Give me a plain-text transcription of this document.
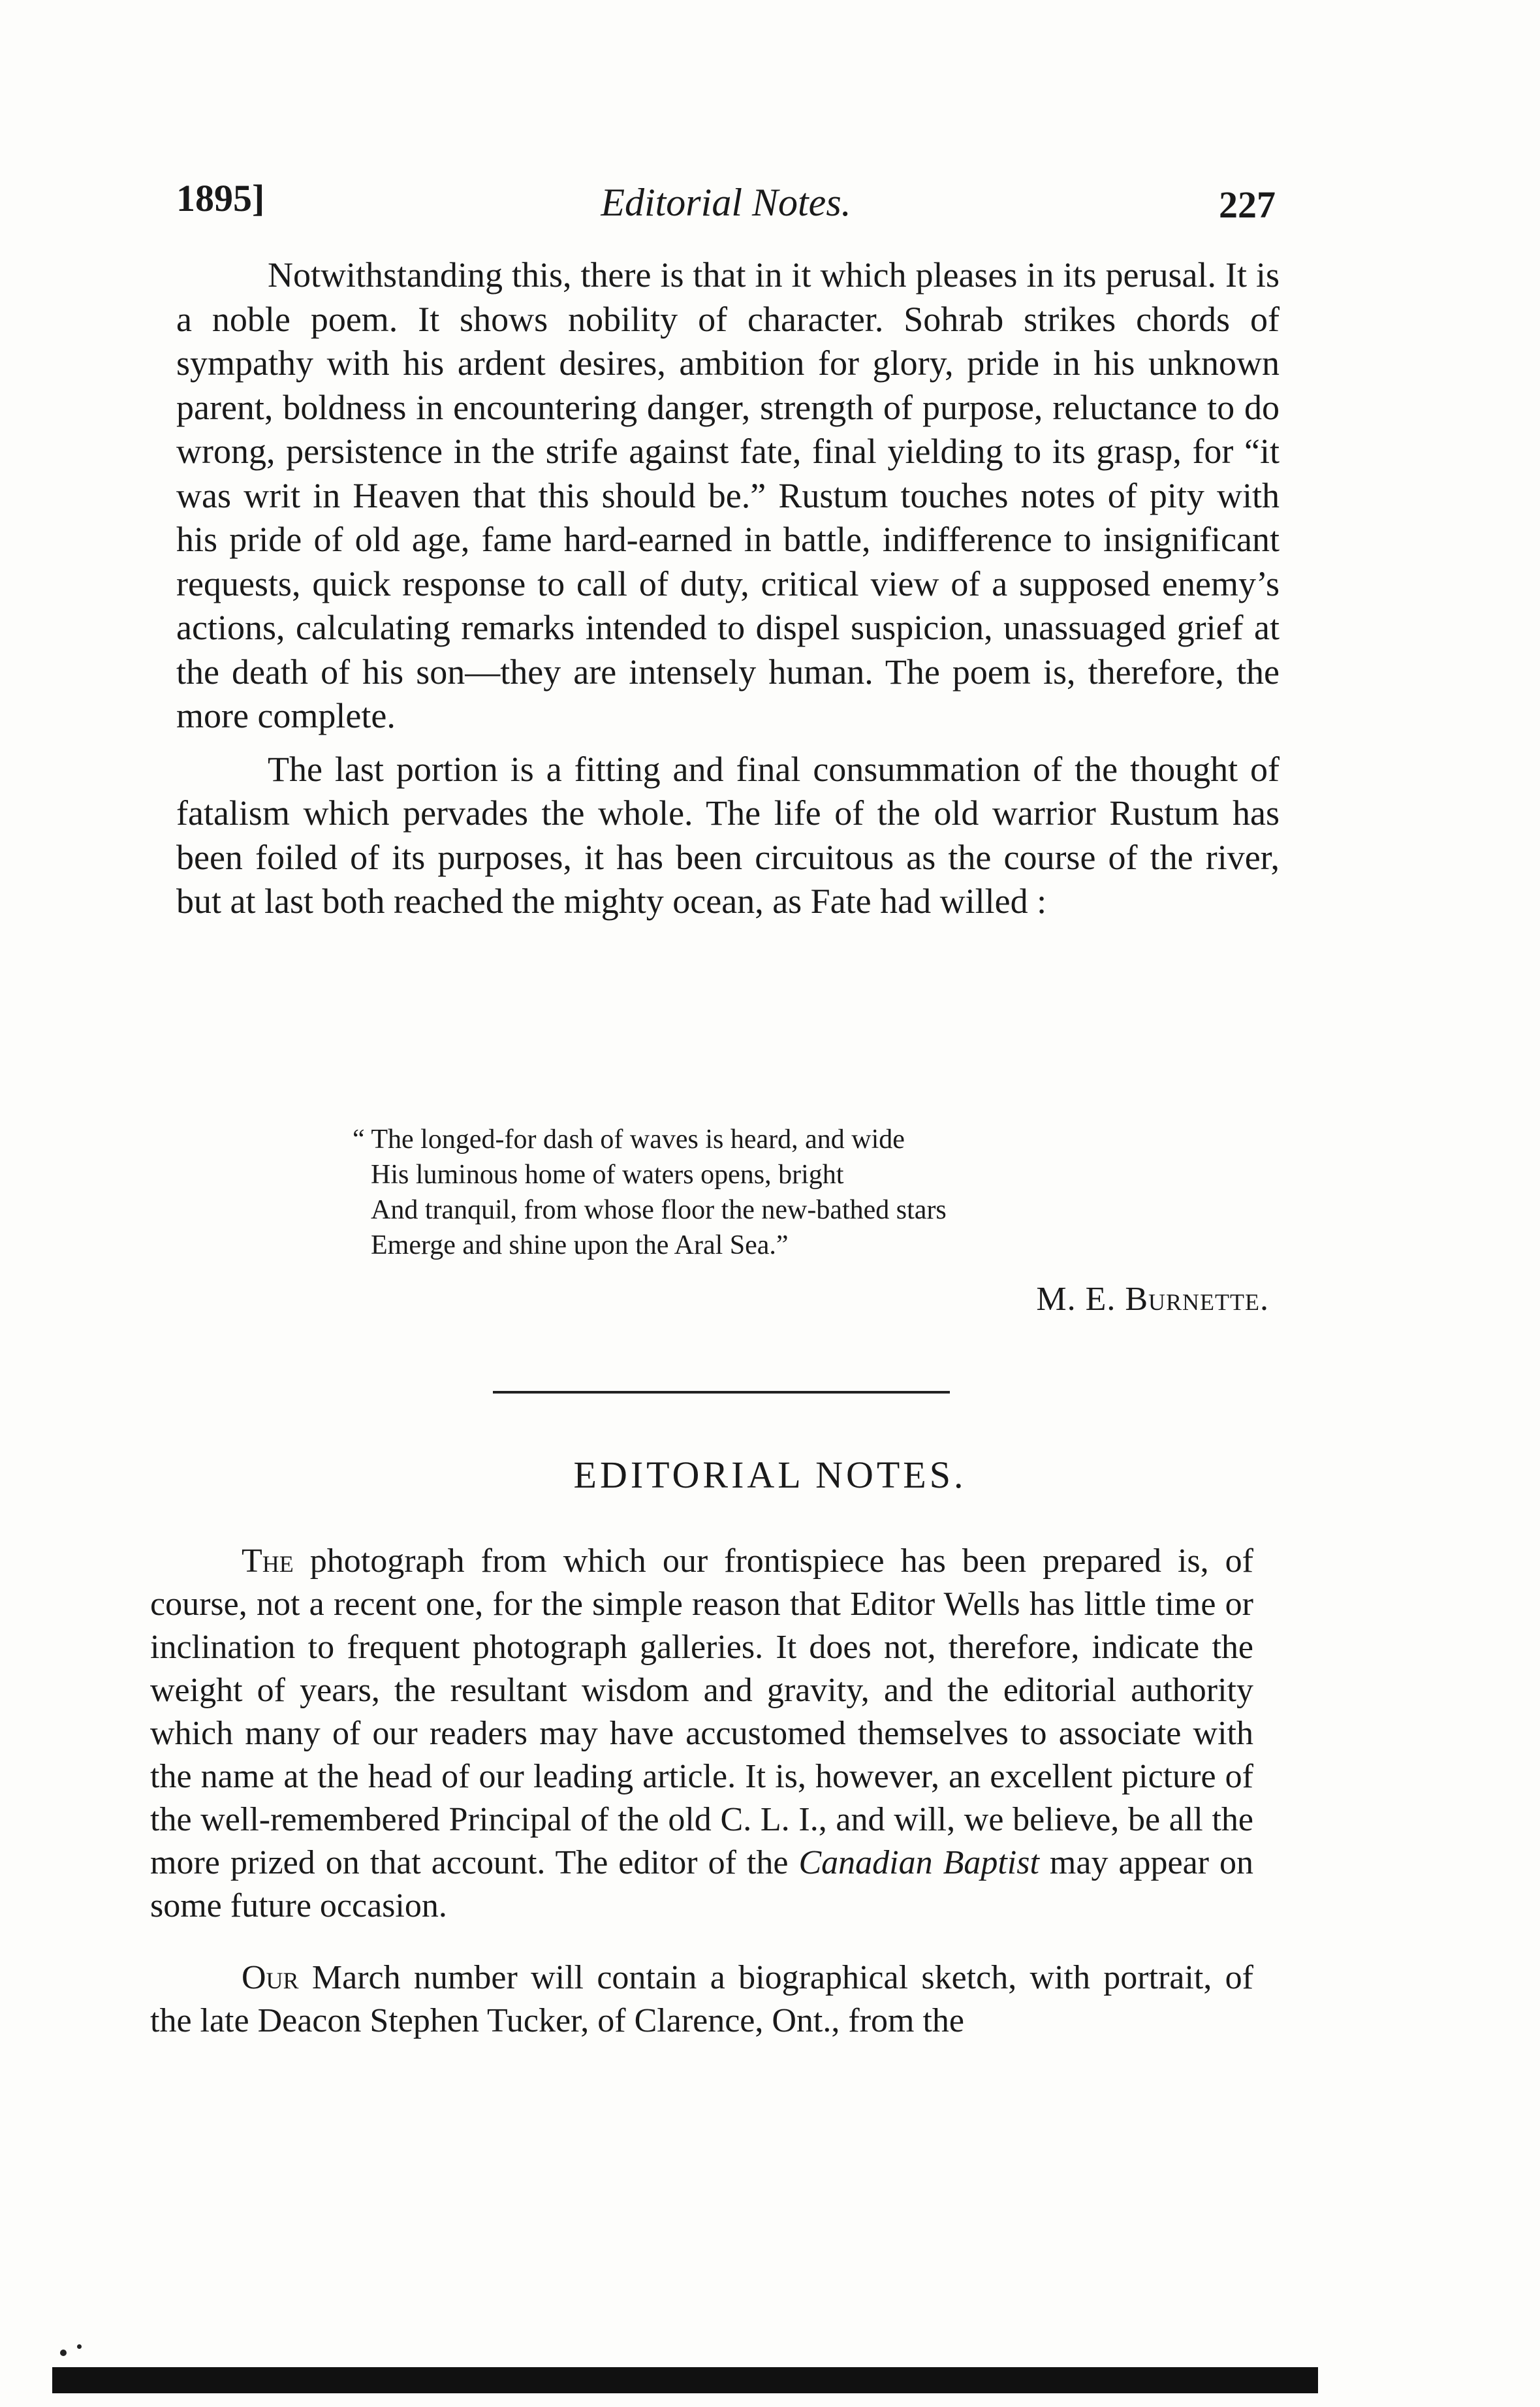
1895]	Editorial Notes.	227

Notwithstanding this, there is that in it which pleases in its perusal. It is a noble poem. It shows nobility of character. Sohrab strikes chords of sympathy with his ardent desires, ambition for glory, pride in his unknown parent, boldness in encountering danger, strength of purpose, reluctance to do wrong, persistence in the strife against fate, final yielding to its grasp, for “it was writ in Heaven that this should be.” Rustum touches notes of pity with his pride of old age, fame hard-earned in battle, indifference to insignificant requests, quick response to call of duty, critical view of a supposed enemy’s actions, calculating remarks intended to dispel suspicion, unassuaged grief at the death of his son—they are intensely human. The poem is, therefore, the more complete.

The last portion is a fitting and final consummation of the thought of fatalism which pervades the whole. The life of the old warrior Rustum has been foiled of its purposes, it has been circuitous as the course of the river, but at last both reached the mighty ocean, as Fate had willed :

“ The longed-for dash of waves is heard, and wide
His luminous home of waters opens, bright
And tranquil, from whose floor the new-bathed stars
Emerge and shine upon the Aral Sea.”
M. E. Burnette.
EDITORIAL NOTES.

The photograph from which our frontispiece has been prepared is, of course, not a recent one, for the simple reason that Editor Wells has little time or inclination to frequent photograph galleries. It does not, therefore, indicate the weight of years, the resultant wisdom and gravity, and the editorial authority which many of our readers may have accustomed themselves to associate with the name at the head of our leading article. It is, however, an excellent picture of the well-remembered Principal of the old C. L. I., and will, we believe, be all the more prized on that account. The editor of the Canadian Baptist may appear on some future occasion.

Our March number will contain a biographical sketch, with portrait, of the late Deacon Stephen Tucker, of Clarence, Ont., from the
